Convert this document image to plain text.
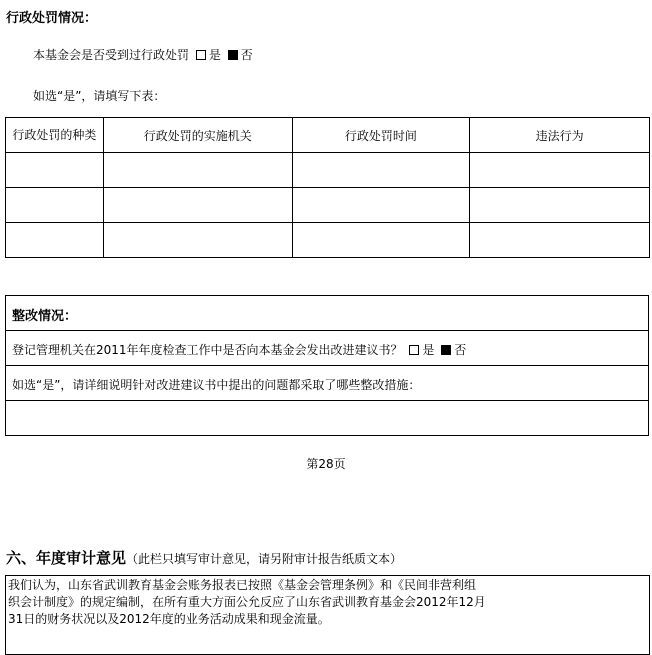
行政处罚情况：
本基金会是否受到过行政处罚 是 否
如选“是”，请填写下表：
行政处罚的种类	行政处罚的实施机关	行政处罚时间	违法行为

整改情况：
登记管理机关在2011年年度检查工作中是否向本基金会发出改进建议书？ 是 否
如选“是”，请详细说明针对改进建议书中提出的问题都采取了哪些整改措施：
第28页
六、年度审计意见（此栏只填写审计意见，请另附审计报告纸质文本）
我们认为，山东省武训教育基金会账务报表已按照《基金会管理条例》和《民间非营利组
织会计制度》的规定编制，在所有重大方面公允反应了山东省武训教育基金会2012年12月
31日的财务状况以及2012年度的业务活动成果和现金流量。
